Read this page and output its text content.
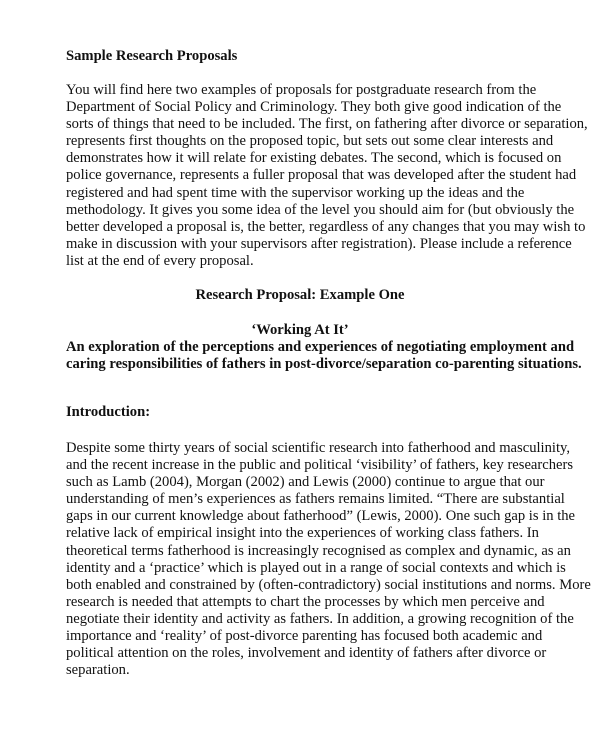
Sample Research Proposals

You will find here two examples of proposals for postgraduate research from the
Department of Social Policy and Criminology. They both give good indication of the
sorts of things that need to be included. The first, on fathering after divorce or separation,
represents first thoughts on the proposed topic, but sets out some clear interests and
demonstrates how it will relate for existing debates. The second, which is focused on
police governance, represents a fuller proposal that was developed after the student had
registered and had spent time with the supervisor working up the ideas and the
methodology. It gives you some idea of the level you should aim for (but obviously the
better developed a proposal is, the better, regardless of any changes that you may wish to
make in discussion with your supervisors after registration). Please include a reference
list at the end of every proposal.

Research Proposal: Example One

‘Working At It’

An exploration of the perceptions and experiences of negotiating employment and
caring responsibilities of fathers in post-divorce/separation co-parenting situations.

Introduction:

Despite some thirty years of social scientific research into fatherhood and masculinity,
and the recent increase in the public and political ‘visibility’ of fathers, key researchers
such as Lamb (2004), Morgan (2002) and Lewis (2000) continue to argue that our
understanding of men’s experiences as fathers remains limited. “There are substantial
gaps in our current knowledge about fatherhood” (Lewis, 2000). One such gap is in the
relative lack of empirical insight into the experiences of working class fathers. In
theoretical terms fatherhood is increasingly recognised as complex and dynamic, as an
identity and a ‘practice’ which is played out in a range of social contexts and which is
both enabled and constrained by (often-contradictory) social institutions and norms. More
research is needed that attempts to chart the processes by which men perceive and
negotiate their identity and activity as fathers. In addition, a growing recognition of the
importance and ‘reality’ of post-divorce parenting has focused both academic and
political attention on the roles, involvement and identity of fathers after divorce or
separation.
